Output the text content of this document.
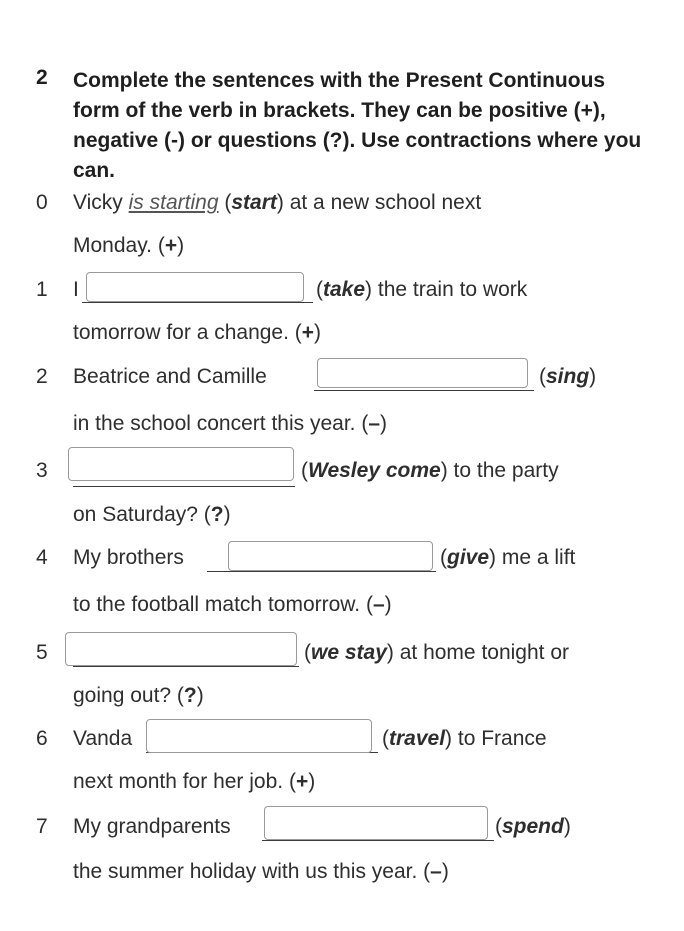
2 Complete the sentences with the Present Continuous form of the verb in brackets. They can be positive (+), negative (-) or questions (?). Use contractions where you can.
0 Vicky is starting (start) at a new school next
Monday. (+)
1 I	(take) the train to work
tomorrow for a change. (+)
2 Beatrice and Camille	(sing)
in the school concert this year. (–)
3	(Wesley come) to the party
on Saturday? (?)
4 My brothers	(give) me a lift
to the football match tomorrow. (–)
5	(we stay) at home tonight or
going out? (?)
6 Vanda	(travel) to France
next month for her job. (+)
7 My grandparents	(spend)
the summer holiday with us this year. (–)
